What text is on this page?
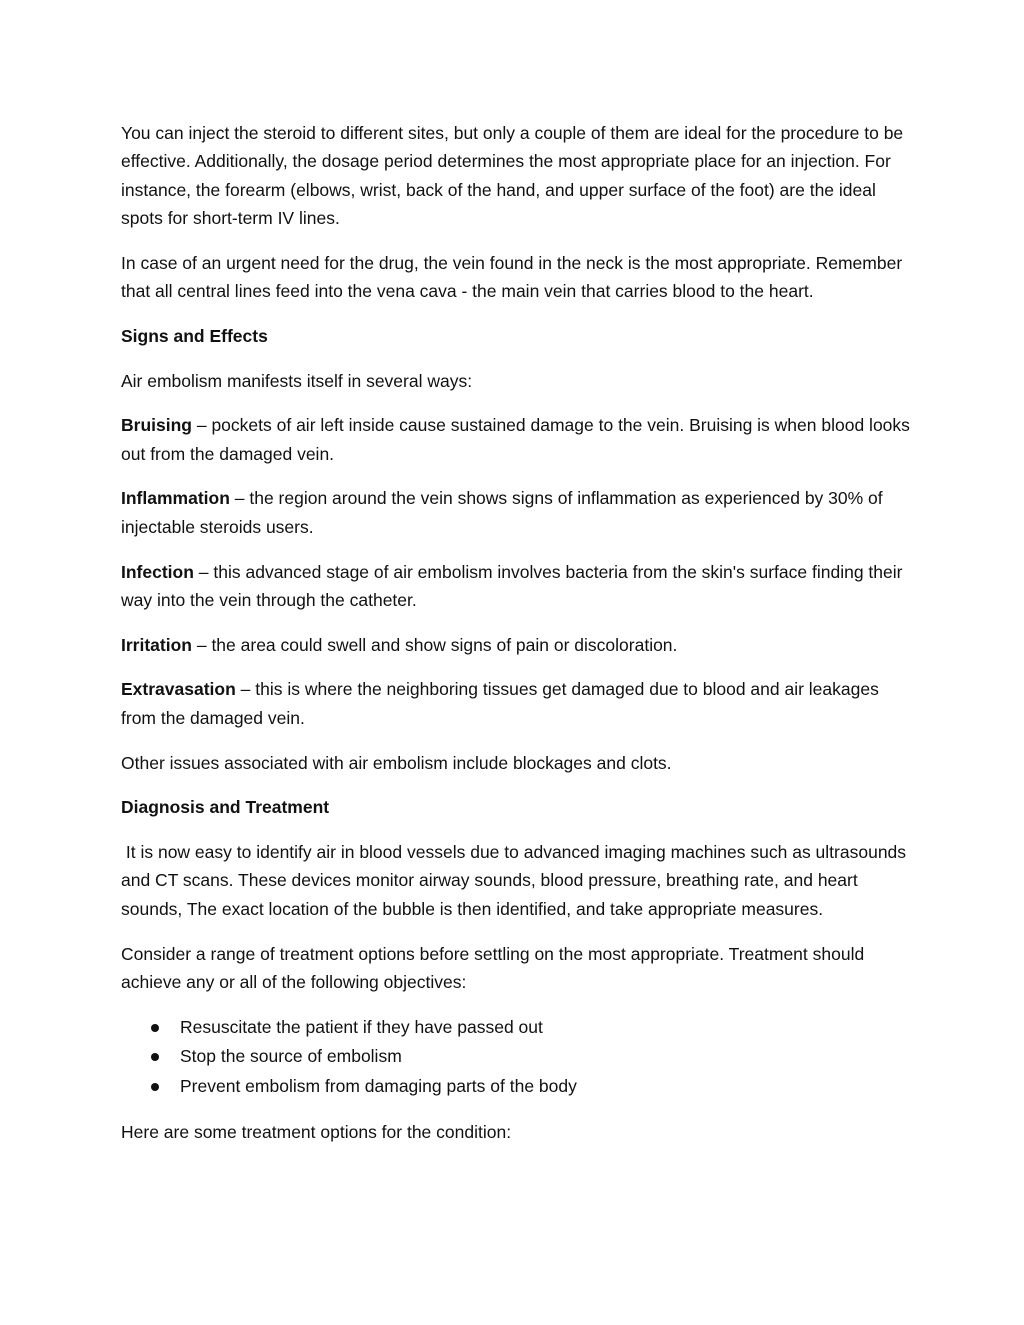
You can inject the steroid to different sites, but only a couple of them are ideal for the procedure to be effective. Additionally, the dosage period determines the most appropriate place for an injection. For instance, the forearm (elbows, wrist, back of the hand, and upper surface of the foot) are the ideal spots for short-term IV lines.

In case of an urgent need for the drug, the vein found in the neck is the most appropriate. Remember that all central lines feed into the vena cava - the main vein that carries blood to the heart.

Signs and Effects

Air embolism manifests itself in several ways:

Bruising – pockets of air left inside cause sustained damage to the vein. Bruising is when blood looks out from the damaged vein.

Inflammation – the region around the vein shows signs of inflammation as experienced by 30% of injectable steroids users.

Infection – this advanced stage of air embolism involves bacteria from the skin's surface finding their way into the vein through the catheter.

Irritation – the area could swell and show signs of pain or discoloration.

Extravasation – this is where the neighboring tissues get damaged due to blood and air leakages from the damaged vein.

Other issues associated with air embolism include blockages and clots.

Diagnosis and Treatment

It is now easy to identify air in blood vessels due to advanced imaging machines such as ultrasounds and CT scans. These devices monitor airway sounds, blood pressure, breathing rate, and heart sounds, The exact location of the bubble is then identified, and take appropriate measures.

Consider a range of treatment options before settling on the most appropriate. Treatment should achieve any or all of the following objectives:

Resuscitate the patient if they have passed out
Stop the source of embolism
Prevent embolism from damaging parts of the body

Here are some treatment options for the condition:
